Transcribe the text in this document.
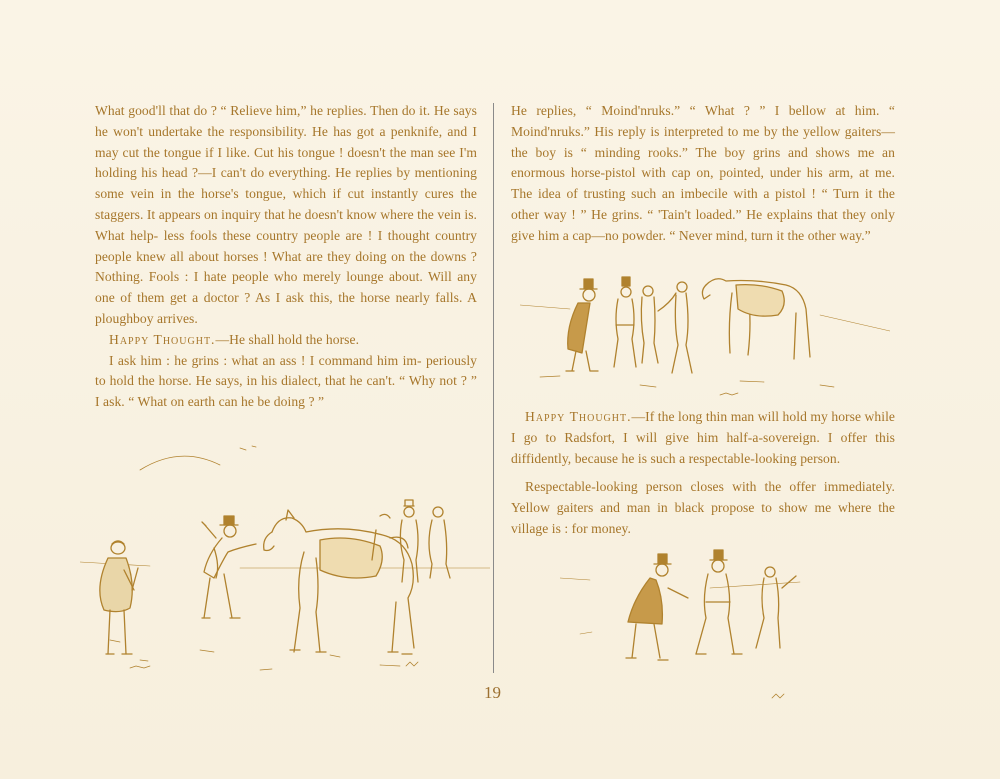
What good'll that do ? “ Relieve him,” he replies. Then do it. He says he won't undertake the responsibility. He has got a penknife, and I may cut the tongue if I like. Cut his tongue ! doesn't the man see I'm holding his head ?—I can't do everything. He replies by mentioning some vein in the horse's tongue, which if cut instantly cures the staggers. It appears on inquiry that he doesn't know where the vein is. What help- less fools these country people are ! I thought country people knew all about horses ! What are they doing on the downs ? Nothing. Fools : I hate people who merely lounge about. Will any one of them get a doctor ? As I ask this, the horse nearly falls. A ploughboy arrives.

Happy Thought.—He shall hold the horse.

I ask him : he grins : what an ass ! I command him im- periously to hold the horse. He says, in his dialect, that he can't. “ Why not ? ” I ask. “ What on earth can he be doing ? ”

He replies, “ Moind'nruks.” “ What ? ” I bellow at him. “ Moind'nruks.” His reply is interpreted to me by the yellow gaiters—the boy is “ minding rooks.” The boy grins and shows me an enormous horse-pistol with cap on, pointed, under his arm, at me. The idea of trusting such an imbecile with a pistol ! “ Turn it the other way ! ” He grins. “ 'Tain't loaded.” He explains that they only give him a cap—no powder. “ Never mind, turn it the other way.”

Happy Thought.—If the long thin man will hold my horse while I go to Radsfort, I will give him half-a-sovereign. I offer this diffidently, because he is such a respectable-looking person.

Respectable-looking person closes with the offer immediately. Yellow gaiters and man in black propose to show me where the village is : for money.

19
